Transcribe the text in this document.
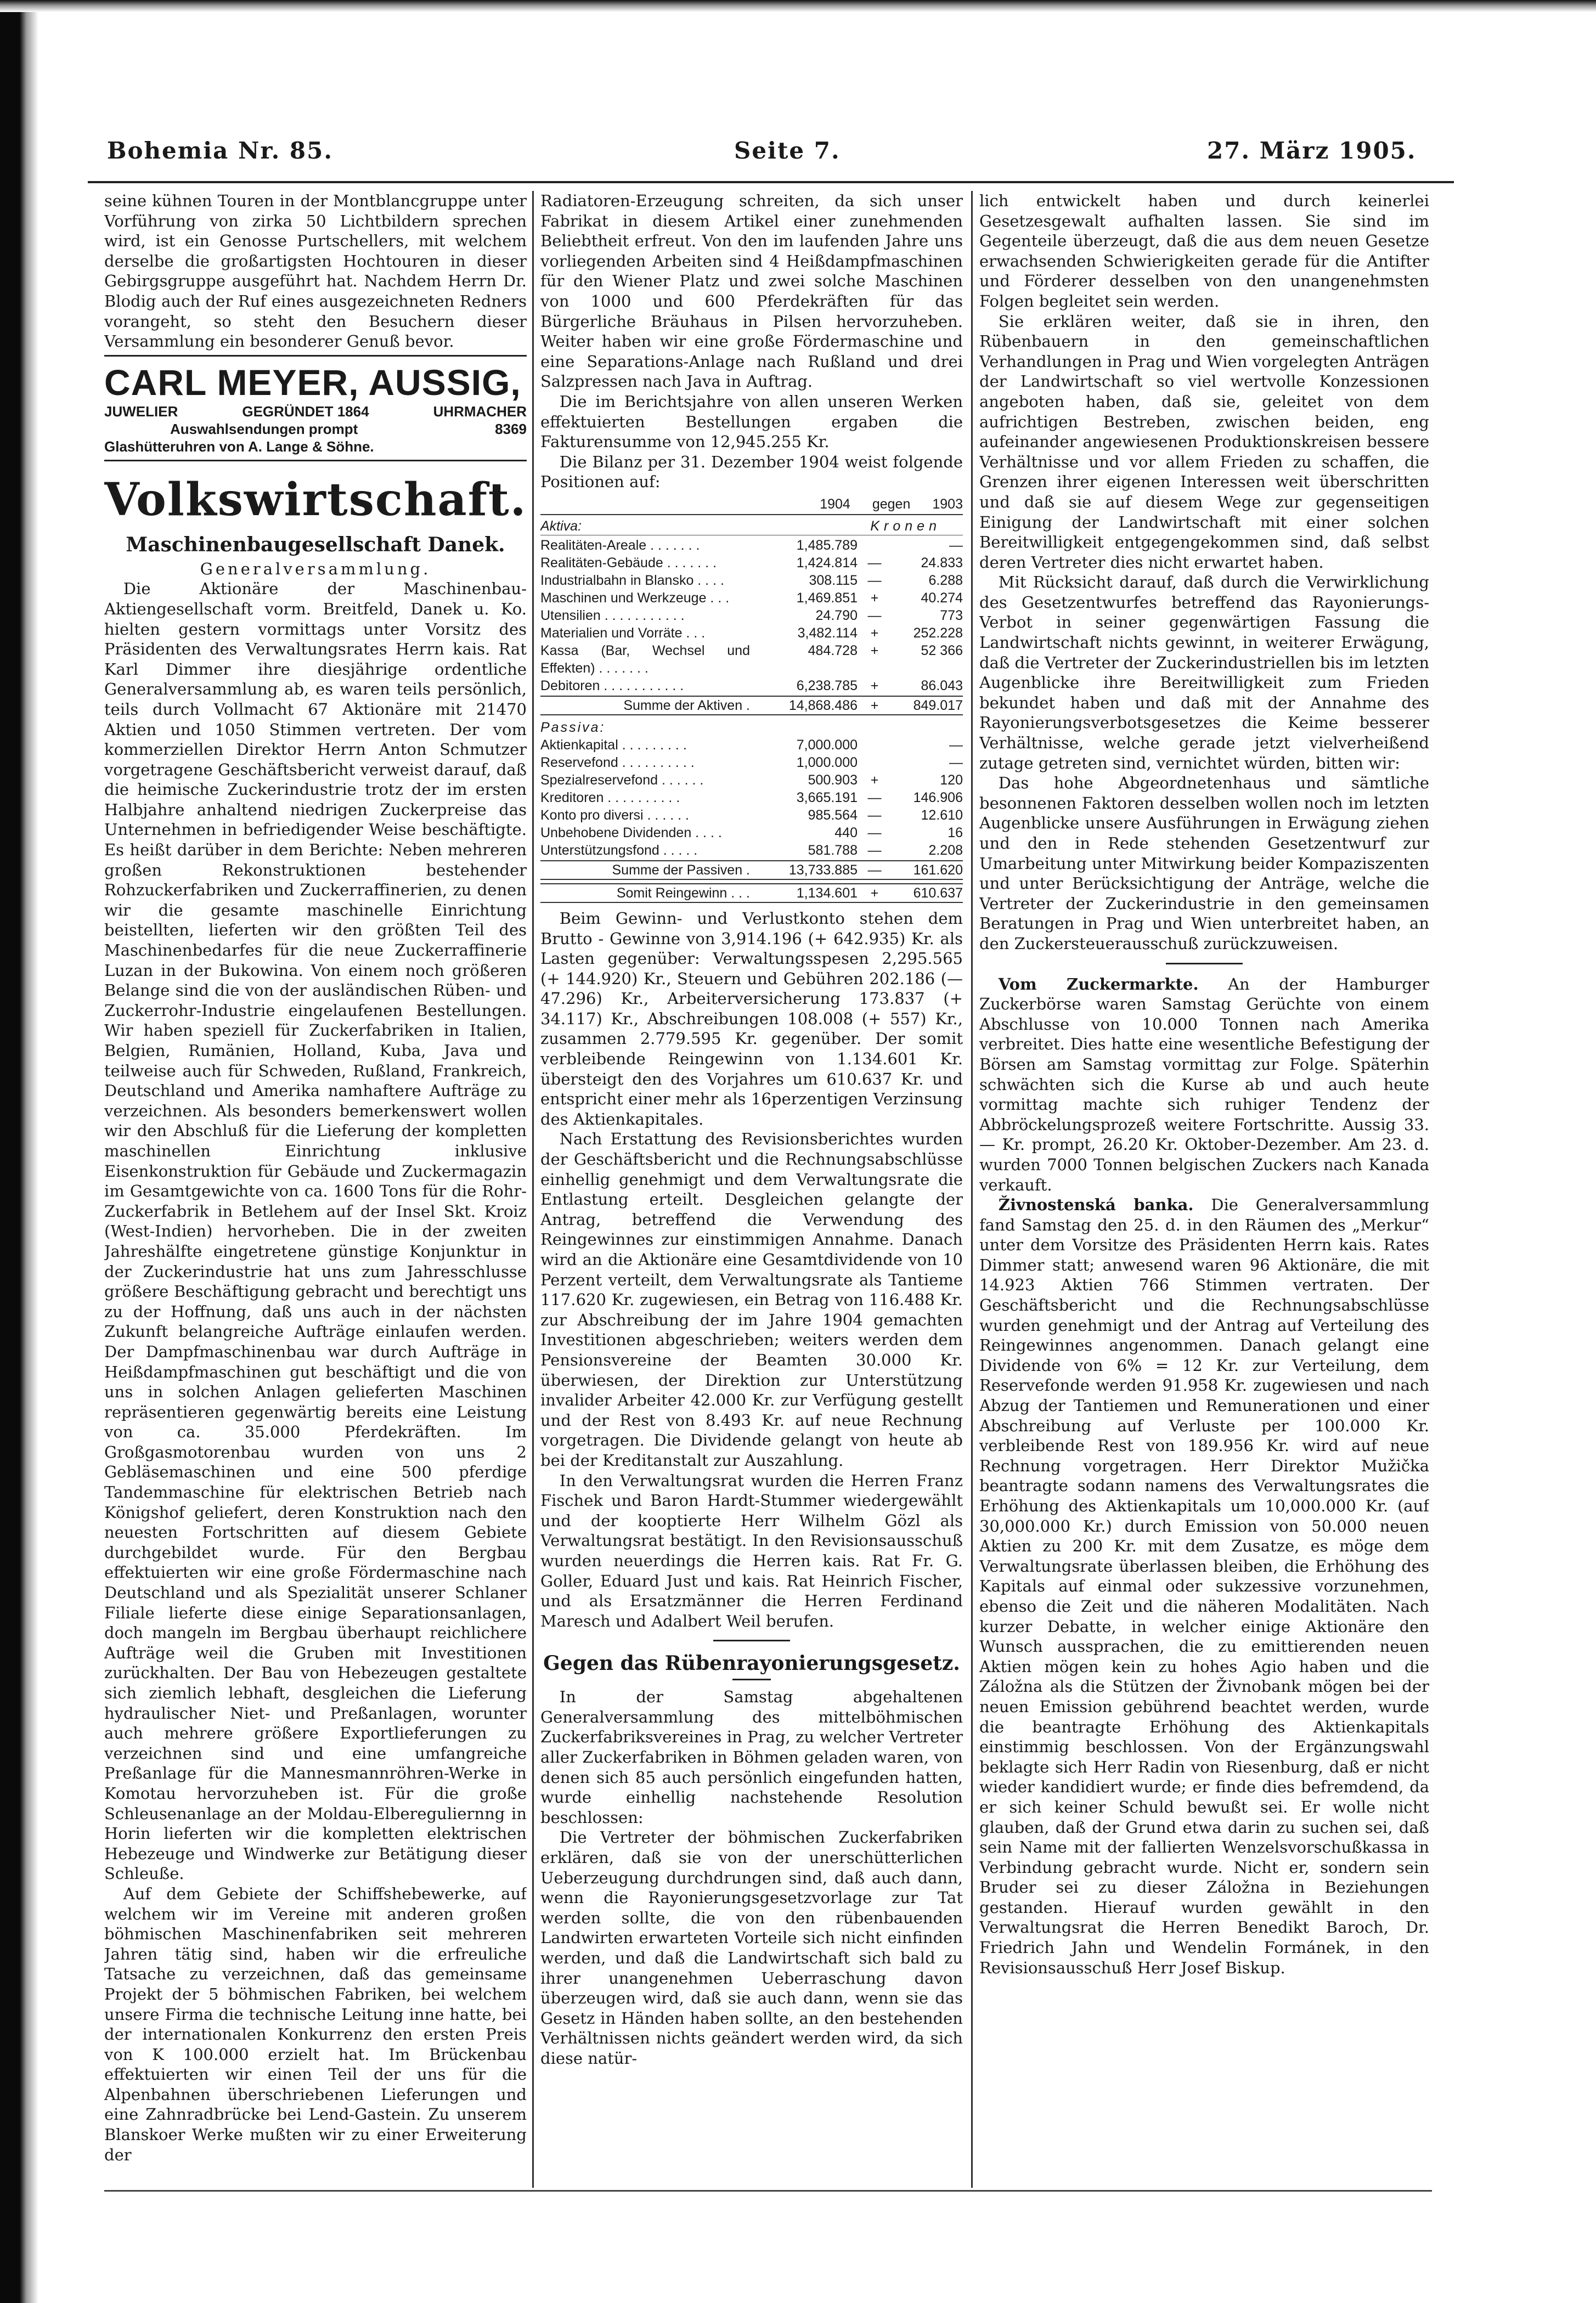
Bohemia Nr. 85.	Seite 7.	27. März 1905.

seine kühnen Touren in der Montblancgruppe unter Vorführung von zirka 50 Lichtbildern sprechen wird, ist ein Genosse Purtschellers, mit welchem derselbe die großartigsten Hochtouren in dieser Gebirgsgruppe ausgeführt hat. Nachdem Herrn Dr. Blodig auch der Ruf eines ausgezeichneten Redners vorangeht, so steht den Besuchern dieser Versammlung ein besonderer Genuß bevor.

CARL MEYER, AUSSIG,
JUWELIER	GEGRÜNDET 1864	UHRMACHER
Auswahlsendungen prompt	8369
Glashütteruhren von A. Lange & Söhne.
Volkswirtschaft.
Maschinenbaugesellschaft Danek.

Generalversammlung.

Die Aktionäre der Maschinenbau-Aktiengesellschaft vorm. Breitfeld, Danek u. Ko. hielten gestern vormittags unter Vorsitz des Präsidenten des Verwaltungsrates Herrn kais. Rat Karl Dimmer ihre diesjährige ordentliche Generalversammlung ab, es waren teils persönlich, teils durch Vollmacht 67 Aktionäre mit 21470 Aktien und 1050 Stimmen vertreten. Der vom kommerziellen Direktor Herrn Anton Schmutzer vorgetragene Geschäftsbericht verweist darauf, daß die heimische Zuckerindustrie trotz der im ersten Halbjahre anhaltend niedrigen Zuckerpreise das Unternehmen in befriedigender Weise beschäftigte. Es heißt darüber in dem Berichte: Neben mehreren großen Rekonstruktionen bestehender Rohzuckerfabriken und Zuckerraffinerien, zu denen wir die gesamte maschinelle Einrichtung beistellten, lieferten wir den größten Teil des Maschinenbedarfes für die neue Zuckerraffinerie Luzan in der Bukowina. Von einem noch größeren Belange sind die von der ausländischen Rüben- und Zuckerrohr-Industrie eingelaufenen Bestellungen. Wir haben speziell für Zuckerfabriken in Italien, Belgien, Rumänien, Holland, Kuba, Java und teilweise auch für Schweden, Rußland, Frankreich, Deutschland und Amerika namhaftere Aufträge zu verzeichnen. Als besonders bemerkenswert wollen wir den Abschluß für die Lieferung der kompletten maschinellen Einrichtung inklusive Eisenkonstruktion für Gebäude und Zuckermagazin im Gesamtgewichte von ca. 1600 Tons für die Rohr-Zuckerfabrik in Betlehem auf der Insel Skt. Kroiz (West-Indien) hervorheben. Die in der zweiten Jahreshälfte eingetretene günstige Konjunktur in der Zuckerindustrie hat uns zum Jahresschlusse größere Beschäftigung gebracht und berechtigt uns zu der Hoffnung, daß uns auch in der nächsten Zukunft belangreiche Aufträge einlaufen werden. Der Dampfmaschinenbau war durch Aufträge in Heißdampfmaschinen gut beschäftigt und die von uns in solchen Anlagen gelieferten Maschinen repräsentieren gegenwärtig bereits eine Leistung von ca. 35.000 Pferdekräften. Im Großgasmotorenbau wurden von uns 2 Gebläsemaschinen und eine 500 pferdige Tandemmaschine für elektrischen Betrieb nach Königshof geliefert, deren Konstruktion nach den neuesten Fortschritten auf diesem Gebiete durchgebildet wurde. Für den Bergbau effektuierten wir eine große Fördermaschine nach Deutschland und als Spezialität unserer Schlaner Filiale lieferte diese einige Separationsanlagen, doch mangeln im Bergbau überhaupt reichlichere Aufträge weil die Gruben mit Investitionen zurückhalten. Der Bau von Hebezeugen gestaltete sich ziemlich lebhaft, desgleichen die Lieferung hydraulischer Niet- und Preßanlagen, worunter auch mehrere größere Exportlieferungen zu verzeichnen sind und eine umfangreiche Preßanlage für die Mannesmannröhren-Werke in Komotau hervorzuheben ist. Für die große Schleusenanlage an der Moldau-Elbereguliernng in Horin lieferten wir die kompletten elektrischen Hebezeuge und Windwerke zur Betätigung dieser Schleuße.

Auf dem Gebiete der Schiffshebewerke, auf welchem wir im Vereine mit anderen großen böhmischen Maschinenfabriken seit mehreren Jahren tätig sind, haben wir die erfreuliche Tatsache zu verzeichnen, daß das gemeinsame Projekt der 5 böhmischen Fabriken, bei welchem unsere Firma die technische Leitung inne hatte, bei der internationalen Konkurrenz den ersten Preis von K 100.000 erzielt hat. Im Brückenbau effektuierten wir einen Teil der uns für die Alpenbahnen überschriebenen Lieferungen und eine Zahnradbrücke bei Lend-Gastein. Zu unserem Blanskoer Werke mußten wir zu einer Erweiterung der

Radiatoren-Erzeugung schreiten, da sich unser Fabrikat in diesem Artikel einer zunehmenden Beliebtheit erfreut. Von den im laufenden Jahre uns vorliegenden Arbeiten sind 4 Heißdampfmaschinen für den Wiener Platz und zwei solche Maschinen von 1000 und 600 Pferdekräften für das Bürgerliche Bräuhaus in Pilsen hervorzuheben. Weiter haben wir eine große Fördermaschine und eine Separations-Anlage nach Rußland und drei Salzpressen nach Java in Auftrag.

Die im Berichtsjahre von allen unseren Werken effektuierten Bestellungen ergaben die Fakturensumme von 12,945.255 Kr.

Die Bilanz per 31. Dezember 1904 weist folgende Positionen auf:

1904 gegen 1903
Aktiva:	Kronen
Realitäten-Areale . . . . . . .	1,485.789	—
Realitäten-Gebäude . . . . . . .	1,424.814 —	24.833
Industrialbahn in Blansko . . . .	308.115 —	6.288
Maschinen und Werkzeuge . . .	1,469.851 +	40.274
Utensilien . . . . . . . . . . .	24.790 —	773
Materialien und Vorräte . . .	3,482.114 +	252.228
Kassa (Bar, Wechsel und Effekten) . . . . . . .
484.728 +	52 366
Debitoren . . . . . . . . . . .	6,238.785 +	86.043
Summe der Aktiven .	14,868.486 +	849.017
Passiva:
Aktienkapital . . . . . . . . .	7,000.000	—
Reservefond . . . . . . . . . .	1,000.000	—
Spezialreservefond . . . . . .	500.903 +	120
Kreditoren . . . . . . . . . .	3,665.191 —	146.906
Konto pro diversi . . . . . .	985.564 —	12.610
Unbehobene Dividenden . . . .	440 —	16
Unterstützungsfond . . . . .	581.788 —	2.208
Summe der Passiven .	13,733.885 —	161.620
Somit Reingewinn . . .	1,134.601 +	610.637

Beim Gewinn- und Verlustkonto stehen dem Brutto - Gewinne von 3,914.196 (+ 642.935) Kr. als Lasten gegenüber: Verwaltungsspesen 2,295.565 (+ 144.920) Kr., Steuern und Gebühren 202.186 (— 47.296) Kr., Arbeiterversicherung 173.837 (+ 34.117) Kr., Abschreibungen 108.008 (+ 557) Kr., zusammen 2.779.595 Kr. gegenüber. Der somit verbleibende Reingewinn von 1.134.601 Kr. übersteigt den des Vorjahres um 610.637 Kr. und entspricht einer mehr als 16perzentigen Verzinsung des Aktienkapitales.

Nach Erstattung des Revisionsberichtes wurden der Geschäftsbericht und die Rechnungsabschlüsse einhellig genehmigt und dem Verwaltungsrate die Entlastung erteilt. Desgleichen gelangte der Antrag, betreffend die Verwendung des Reingewinnes zur einstimmigen Annahme. Danach wird an die Aktionäre eine Gesamtdividende von 10 Perzent verteilt, dem Verwaltungsrate als Tantieme 117.620 Kr. zugewiesen, ein Betrag von 116.488 Kr. zur Abschreibung der im Jahre 1904 gemachten Investitionen abgeschrieben; weiters werden dem Pensionsvereine der Beamten 30.000 Kr. überwiesen, der Direktion zur Unterstützung invalider Arbeiter 42.000 Kr. zur Verfügung gestellt und der Rest von 8.493 Kr. auf neue Rechnung vorgetragen. Die Dividende gelangt von heute ab bei der Kreditanstalt zur Auszahlung.

In den Verwaltungsrat wurden die Herren Franz Fischek und Baron Hardt-Stummer wiedergewählt und der kooptierte Herr Wilhelm Gözl als Verwaltungsrat bestätigt. In den Revisionsausschuß wurden neuerdings die Herren kais. Rat Fr. G. Goller, Eduard Just und kais. Rat Heinrich Fischer, und als Ersatzmänner die Herren Ferdinand Maresch und Adalbert Weil berufen.

Gegen das Rübenrayonierungsgesetz.

In der Samstag abgehaltenen Generalversammlung des mittelböhmischen Zuckerfabriksvereines in Prag, zu welcher Vertreter aller Zuckerfabriken in Böhmen geladen waren, von denen sich 85 auch persönlich eingefunden hatten, wurde einhellig nachstehende Resolution beschlossen:

Die Vertreter der böhmischen Zuckerfabriken erklären, daß sie von der unerschütterlichen Ueberzeugung durchdrungen sind, daß auch dann, wenn die Rayonierungsgesetzvorlage zur Tat werden sollte, die von den rübenbauenden Landwirten erwarteten Vorteile sich nicht einfinden werden, und daß die Landwirtschaft sich bald zu ihrer unangenehmen Ueberraschung davon überzeugen wird, daß sie auch dann, wenn sie das Gesetz in Händen haben sollte, an den bestehenden Verhältnissen nichts geändert werden wird, da sich diese natür-

lich entwickelt haben und durch keinerlei Gesetzesgewalt aufhalten lassen. Sie sind im Gegenteile überzeugt, daß die aus dem neuen Gesetze erwachsenden Schwierigkeiten gerade für die Antifter und Förderer desselben von den unangenehmsten Folgen begleitet sein werden.

Sie erklären weiter, daß sie in ihren, den Rübenbauern in den gemeinschaftlichen Verhandlungen in Prag und Wien vorgelegten Anträgen der Landwirtschaft so viel wertvolle Konzessionen angeboten haben, daß sie, geleitet von dem aufrichtigen Bestreben, zwischen beiden, eng aufeinander angewiesenen Produktionskreisen bessere Verhältnisse und vor allem Frieden zu schaffen, die Grenzen ihrer eigenen Interessen weit überschritten und daß sie auf diesem Wege zur gegenseitigen Einigung der Landwirtschaft mit einer solchen Bereitwilligkeit entgegengekommen sind, daß selbst deren Vertreter dies nicht erwartet haben.

Mit Rücksicht darauf, daß durch die Verwirklichung des Gesetzentwurfes betreffend das Rayonierungs-Verbot in seiner gegenwärtigen Fassung die Landwirtschaft nichts gewinnt, in weiterer Erwägung, daß die Vertreter der Zuckerindustriellen bis im letzten Augenblicke ihre Bereitwilligkeit zum Frieden bekundet haben und daß mit der Annahme des Rayonierungsverbotsgesetzes die Keime besserer Verhältnisse, welche gerade jetzt vielverheißend zutage getreten sind, vernichtet würden, bitten wir:

Das hohe Abgeordnetenhaus und sämtliche besonnenen Faktoren desselben wollen noch im letzten Augenblicke unsere Ausführungen in Erwägung ziehen und den in Rede stehenden Gesetzentwurf zur Umarbeitung unter Mitwirkung beider Kompaziszenten und unter Berücksichtigung der Anträge, welche die Vertreter der Zuckerindustrie in den gemeinsamen Beratungen in Prag und Wien unterbreitet haben, an den Zuckersteuerausschuß zurückzuweisen.

Vom Zuckermarkte. An der Hamburger Zuckerbörse waren Samstag Gerüchte von einem Abschlusse von 10.000 Tonnen nach Amerika verbreitet. Dies hatte eine wesentliche Befestigung der Börsen am Samstag vormittag zur Folge. Späterhin schwächten sich die Kurse ab und auch heute vormittag machte sich ruhiger Tendenz der Abbröckelungsprozeß weitere Fortschritte. Aussig 33.— Kr. prompt, 26.20 Kr. Oktober-Dezember. Am 23. d. wurden 7000 Tonnen belgischen Zuckers nach Kanada verkauft.

Živnostenská banka. Die Generalversammlung fand Samstag den 25. d. in den Räumen des „Merkur“ unter dem Vorsitze des Präsidenten Herrn kais. Rates Dimmer statt; anwesend waren 96 Aktionäre, die mit 14.923 Aktien 766 Stimmen vertraten. Der Geschäftsbericht und die Rechnungsabschlüsse wurden genehmigt und der Antrag auf Verteilung des Reingewinnes angenommen. Danach gelangt eine Dividende von 6% = 12 Kr. zur Verteilung, dem Reservefonde werden 91.958 Kr. zugewiesen und nach Abzug der Tantiemen und Remunerationen und einer Abschreibung auf Verluste per 100.000 Kr. verbleibende Rest von 189.956 Kr. wird auf neue Rechnung vorgetragen. Herr Direktor Mužička beantragte sodann namens des Verwaltungsrates die Erhöhung des Aktienkapitals um 10,000.000 Kr. (auf 30,000.000 Kr.) durch Emission von 50.000 neuen Aktien zu 200 Kr. mit dem Zusatze, es möge dem Verwaltungsrate überlassen bleiben, die Erhöhung des Kapitals auf einmal oder sukzessive vorzunehmen, ebenso die Zeit und die näheren Modalitäten. Nach kurzer Debatte, in welcher einige Aktionäre den Wunsch aussprachen, die zu emittierenden neuen Aktien mögen kein zu hohes Agio haben und die Záložna als die Stützen der Živnobank mögen bei der neuen Emission gebührend beachtet werden, wurde die beantragte Erhöhung des Aktienkapitals einstimmig beschlossen. Von der Ergänzungswahl beklagte sich Herr Radin von Riesenburg, daß er nicht wieder kandidiert wurde; er finde dies befremdend, da er sich keiner Schuld bewußt sei. Er wolle nicht glauben, daß der Grund etwa darin zu suchen sei, daß sein Name mit der fallierten Wenzelsvorschußkassa in Verbindung gebracht wurde. Nicht er, sondern sein Bruder sei zu dieser Záložna in Beziehungen gestanden. Hierauf wurden gewählt in den Verwaltungsrat die Herren Benedikt Baroch, Dr. Friedrich Jahn und Wendelin Formánek, in den Revisionsausschuß Herr Josef Biskup.
